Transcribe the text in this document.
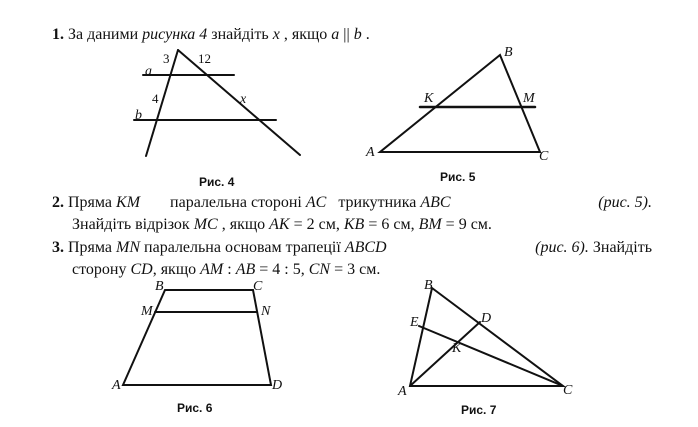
1. За даними рисунка 4 знайдіть x , якщо a || b .
2. Пряма KM  паралельна стороні AC  трикутника ABC	(рис. 5).
Знайдіть відрізок MC , якщо AK = 2 см, KB = 6 см, BM = 9 см.
3. Пряма MN паралельна основам трапеції ABCD	(рис. 6). Знайдіть
сторону CD, якщо AM : AB = 4 : 5, CN = 3 см.
a
b
3 12
4	x
Рис. 4
B
K	M
A	C
Рис. 5
B	C
M	N
A	D
Рис. 6
B
E	D
K
A	C
Рис. 7
